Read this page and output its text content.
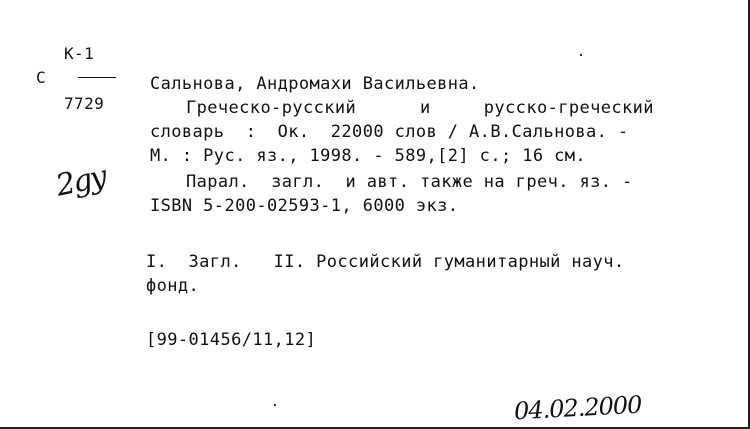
К-1
С
7729
2gy
Сальнова, Андромахи Васильевна.
Греческо-русский      и     русско-греческий
словарь  :  Ок.  22000 слов / А.В.Сальнова. -
М. : Рус. яз., 1998. - 589,[2] с.; 16 см.
Парал.  загл.  и авт. также на греч. яз. -
ISBN 5-200-02593-1, 6000 экз.
I.  Загл.   II. Российский гуманитарный науч.
фонд.
[99-01456/11,12]
04.02.2000
